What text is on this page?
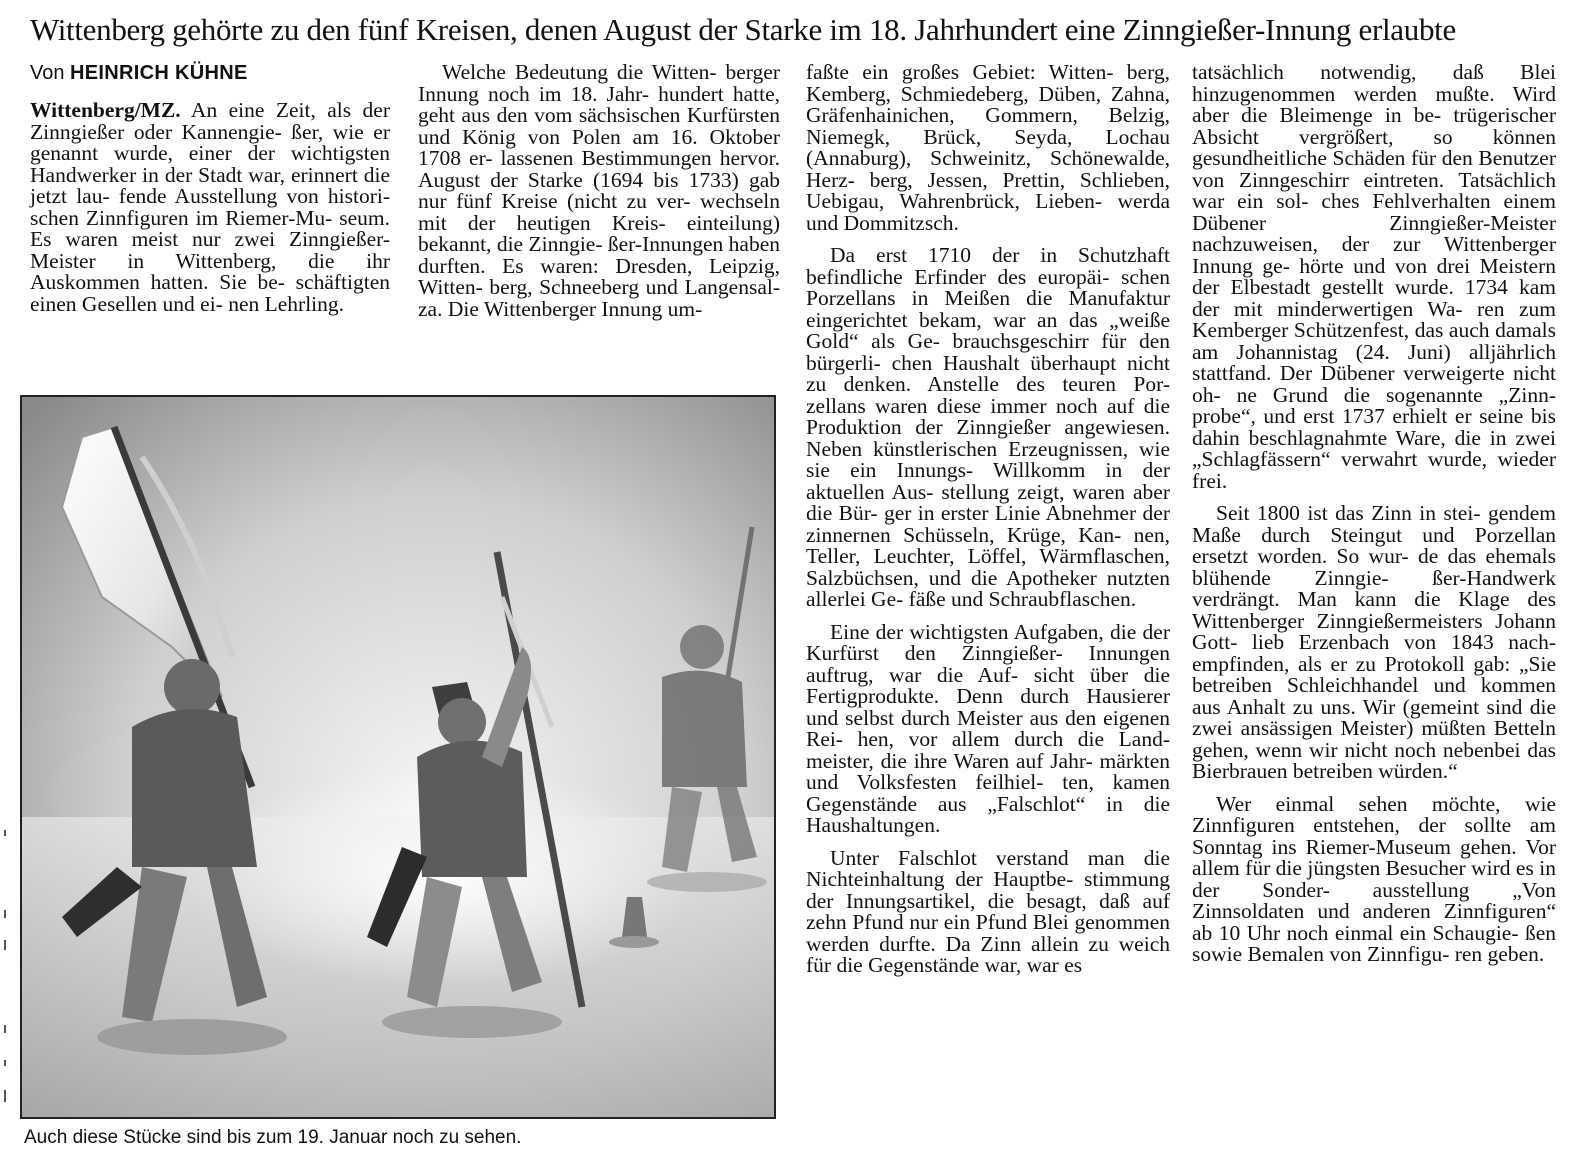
Wittenberg gehörte zu den fünf Kreisen, denen August der Starke im 18. Jahrhundert eine Zinngießer-Innung erlaubte
Von HEINRICH KÜHNE

Wittenberg/MZ. An eine Zeit, als der Zinngießer oder Kannengie- ßer, wie er genannt wurde, einer der wichtigsten Handwerker in der Stadt war, erinnert die jetzt lau- fende Ausstellung von histori- schen Zinnfiguren im Riemer-Mu- seum. Es waren meist nur zwei Zinngießer-Meister in Wittenberg, die ihr Auskommen hatten. Sie be- schäftigten einen Gesellen und ei- nen Lehrling.

Welche Bedeutung die Witten- berger Innung noch im 18. Jahr- hundert hatte, geht aus den vom sächsischen Kurfürsten und König von Polen am 16. Oktober 1708 er- lassenen Bestimmungen hervor. August der Starke (1694 bis 1733) gab nur fünf Kreise (nicht zu ver- wechseln mit der heutigen Kreis- einteilung) bekannt, die Zinngie- ßer-Innungen haben durften. Es waren: Dresden, Leipzig, Witten- berg, Schneeberg und Langensal- za. Die Wittenberger Innung um-

faßte ein großes Gebiet: Witten- berg, Kemberg, Schmiedeberg, Düben, Zahna, Gräfenhainichen, Gommern, Belzig, Niemegk, Brück, Seyda, Lochau (Annaburg), Schweinitz, Schönewalde, Herz- berg, Jessen, Prettin, Schlieben, Uebigau, Wahrenbrück, Lieben- werda und Dommitzsch.

Da erst 1710 der in Schutzhaft befindliche Erfinder des europäi- schen Porzellans in Meißen die Manufaktur eingerichtet bekam, war an das „weiße Gold“ als Ge- brauchsgeschirr für den bürgerli- chen Haushalt überhaupt nicht zu denken. Anstelle des teuren Por- zellans waren diese immer noch auf die Produktion der Zinngießer angewiesen. Neben künstlerischen Erzeugnissen, wie sie ein Innungs- Willkomm in der aktuellen Aus- stellung zeigt, waren aber die Bür- ger in erster Linie Abnehmer der zinnernen Schüsseln, Krüge, Kan- nen, Teller, Leuchter, Löffel, Wärmflaschen, Salzbüchsen, und die Apotheker nutzten allerlei Ge- fäße und Schraubflaschen.

Eine der wichtigsten Aufgaben, die der Kurfürst den Zinngießer- Innungen auftrug, war die Auf- sicht über die Fertigprodukte. Denn durch Hausierer und selbst durch Meister aus den eigenen Rei- hen, vor allem durch die Land- meister, die ihre Waren auf Jahr- märkten und Volksfesten feilhiel- ten, kamen Gegenstände aus „Falschlot“ in die Haushaltungen.

Unter Falschlot verstand man die Nichteinhaltung der Hauptbe- stimmung der Innungsartikel, die besagt, daß auf zehn Pfund nur ein Pfund Blei genommen werden durfte. Da Zinn allein zu weich für die Gegenstände war, war es

tatsächlich notwendig, daß Blei hinzugenommen werden mußte. Wird aber die Bleimenge in be- trügerischer Absicht vergrößert, so können gesundheitliche Schäden für den Benutzer von Zinngeschirr eintreten. Tatsächlich war ein sol- ches Fehlverhalten einem Dübener Zinngießer-Meister nachzuweisen, der zur Wittenberger Innung ge- hörte und von drei Meistern der Elbestadt gestellt wurde. 1734 kam der mit minderwertigen Wa- ren zum Kemberger Schützenfest, das auch damals am Johannistag (24. Juni) alljährlich stattfand. Der Dübener verweigerte nicht oh- ne Grund die sogenannte „Zinn- probe“, und erst 1737 erhielt er seine bis dahin beschlagnahmte Ware, die in zwei „Schlagfässern“ verwahrt wurde, wieder frei.

Seit 1800 ist das Zinn in stei- gendem Maße durch Steingut und Porzellan ersetzt worden. So wur- de das ehemals blühende Zinngie- ßer-Handwerk verdrängt. Man kann die Klage des Wittenberger Zinngießermeisters Johann Gott- lieb Erzenbach von 1843 nach- empfinden, als er zu Protokoll gab: „Sie betreiben Schleichhandel und kommen aus Anhalt zu uns. Wir (gemeint sind die zwei ansässigen Meister) müßten Betteln gehen, wenn wir nicht noch nebenbei das Bierbrauen betreiben würden.“

Wer einmal sehen möchte, wie Zinnfiguren entstehen, der sollte am Sonntag ins Riemer-Museum gehen. Vor allem für die jüngsten Besucher wird es in der Sonder- ausstellung „Von Zinnsoldaten und anderen Zinnfiguren“ ab 10 Uhr noch einmal ein Schaugie- ßen sowie Bemalen von Zinnfigu- ren geben.

Auch diese Stücke sind bis zum 19. Januar noch zu sehen.
